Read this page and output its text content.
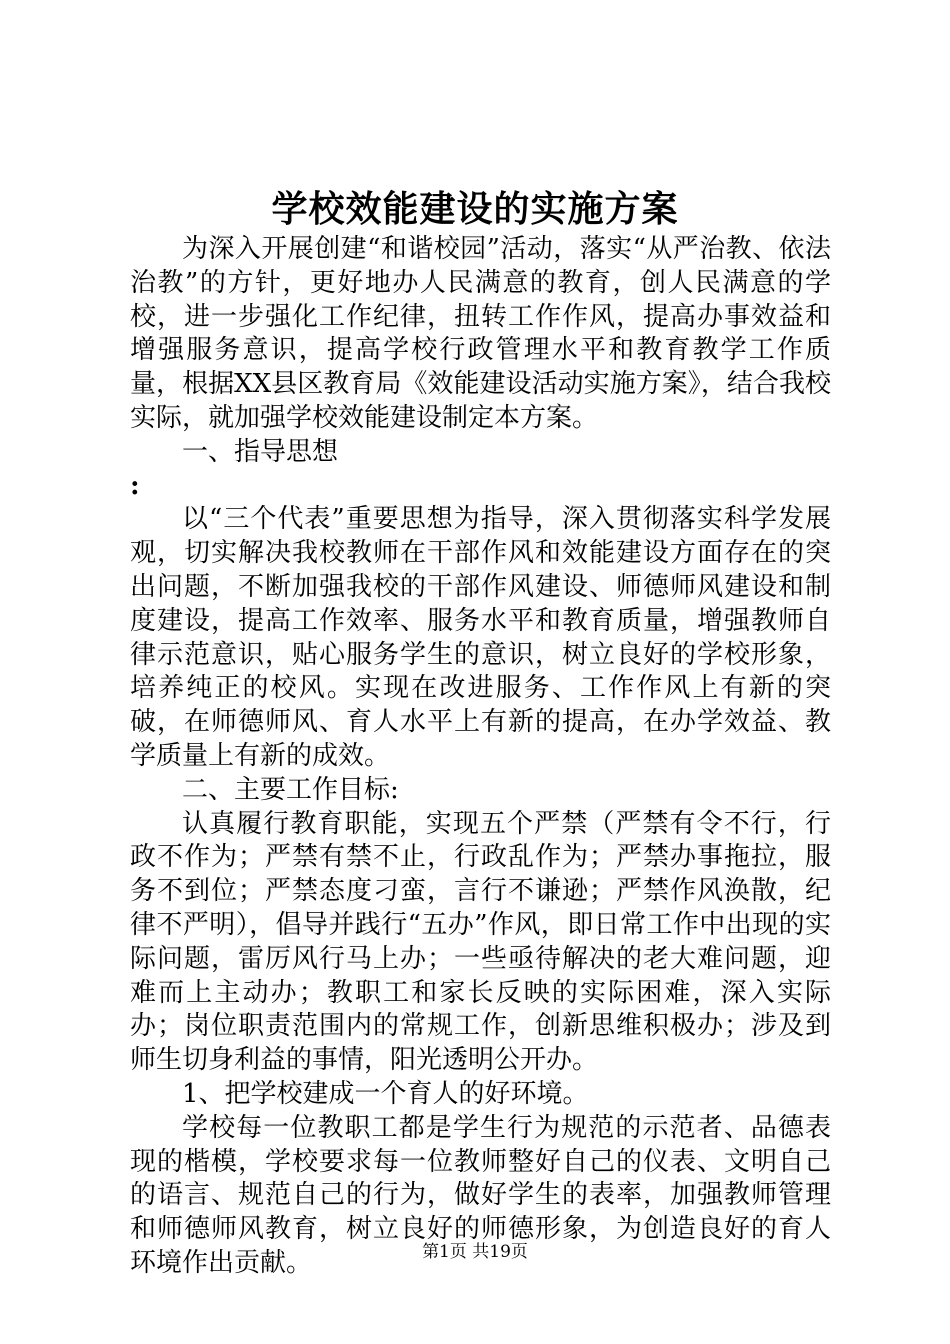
学校效能建设的实施方案

为深入开展创建“和谐校园”活动，落实“从严治教、依法治教”的方针，更好地办人民满意的教育，创人民满意的学校，进一步强化工作纪律，扭转工作作风，提高办事效益和增强服务意识，提高学校行政管理水平和教育教学工作质量，根据XX县区教育局《效能建设活动实施方案》，结合我校实际，就加强学校效能建设制定本方案。

一、指导思想

:

以“三个代表”重要思想为指导，深入贯彻落实科学发展观，切实解决我校教师在干部作风和效能建设方面存在的突出问题，不断加强我校的干部作风建设、师德师风建设和制度建设，提高工作效率、服务水平和教育质量，增强教师自律示范意识，贴心服务学生的意识，树立良好的学校形象，培养纯正的校风。实现在改进服务、工作作风上有新的突破，在师德师风、育人水平上有新的提高，在办学效益、教学质量上有新的成效。

二、主要工作目标:

认真履行教育职能，实现五个严禁（严禁有令不行，行政不作为；严禁有禁不止，行政乱作为；严禁办事拖拉，服务不到位；严禁态度刁蛮，言行不谦逊；严禁作风涣散，纪律不严明），倡导并践行“五办”作风，即日常工作中出现的实际问题，雷厉风行马上办；一些亟待解决的老大难问题，迎难而上主动办；教职工和家长反映的实际困难，深入实际办；岗位职责范围内的常规工作，创新思维积极办；涉及到师生切身利益的事情，阳光透明公开办。

1、把学校建成一个育人的好环境。

学校每一位教职工都是学生行为规范的示范者、品德表现的楷模，学校要求每一位教师整好自己的仪表、文明自己的语言、规范自己的行为，做好学生的表率，加强教师管理和师德师风教育，树立良好的师德形象，为创造良好的育人环境作出贡献。	第1页 共19页
